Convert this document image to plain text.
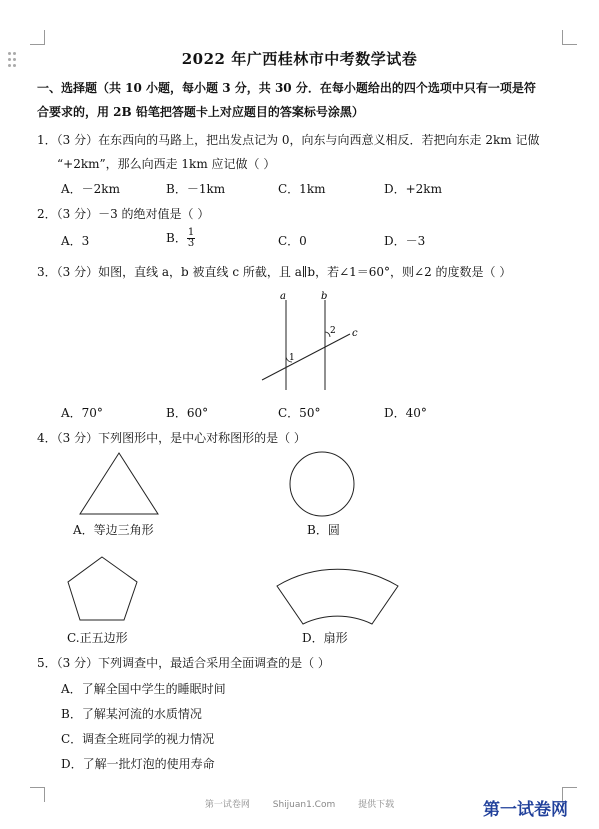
2022 年广西桂林市中考数学试卷
一、选择题（共 10 小题，每小题 3 分，共 30 分．在每小题给出的四个选项中只有一项是符
合要求的，用 2B 铅笔把答题卡上对应题目的答案标号涂黑）
1．（3 分）在东西向的马路上，把出发点记为 0，向东与向西意义相反．若把向东走 2km 记做
“+2km”，那么向西走 1km 应记做（ ）
A．－2km	B．－1km	C．1km	D．+2km
2．（3 分）－3 的绝对值是（ ）
A．3	B． $\frac{1}{3}$	C．0	D．－3
3．（3 分）如图，直线 a，b 被直线 c 所截，且 a∥b，若∠1＝60°，则∠2 的度数是（ ）
a	b
c
1
2
A．70°	B．60°	C．50°	D．40°
4．（3 分）下列图形中，是中心对称图形的是（ ）
A．等边三角形	B．圆
C.正五边形	D．扇形
5．（3 分）下列调查中，最适合采用全面调查的是（ ）
A．了解全国中学生的睡眠时间
B．了解某河流的水质情况
C．调查全班同学的视力情况
D．了解一批灯泡的使用寿命
第一试卷网	Shijuan1.Com	提供下载	第一试卷网
